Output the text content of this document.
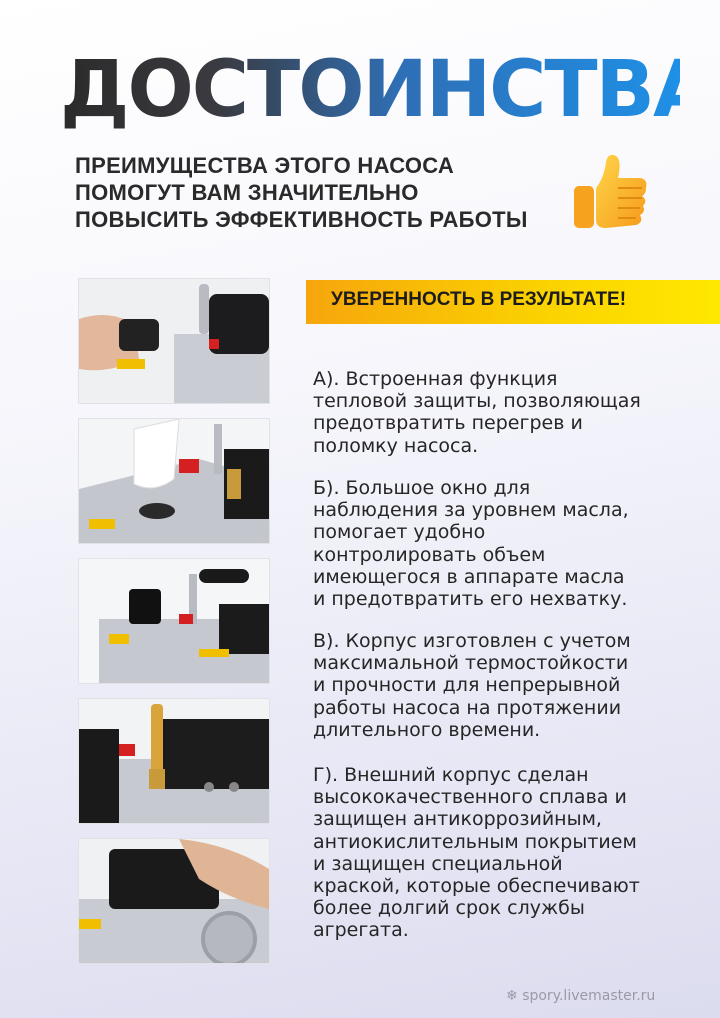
ДОСТОИНСТВА
ПРЕИМУЩЕСТВА ЭТОГО НАСОСА
ПОМОГУТ ВАМ ЗНАЧИТЕЛЬНО
ПОВЫСИТЬ ЭФФЕКТИВНОСТЬ РАБОТЫ
УВЕРЕННОСТЬ В РЕЗУЛЬТАТЕ!
А). Встроенная функция
тепловой защиты, позволяющая
предотвратить перегрев и
поломку насоса.
Б). Большое окно для
наблюдения за уровнем масла,
помогает удобно
контролировать объем
имеющегося в аппарате масла
и предотвратить его нехватку.
В). Корпус изготовлен с учетом
максимальной термостойкости
и прочности для непрерывной
работы насоса на протяжении
длительного времени.
Г). Внешний корпус сделан
высококачественного сплава и
защищен антикоррозийным,
антиокислительным покрытием
и защищен специальной
краской, которые обеспечивают
более долгий срок службы
агрегата.
❄ spory.livemaster.ru
